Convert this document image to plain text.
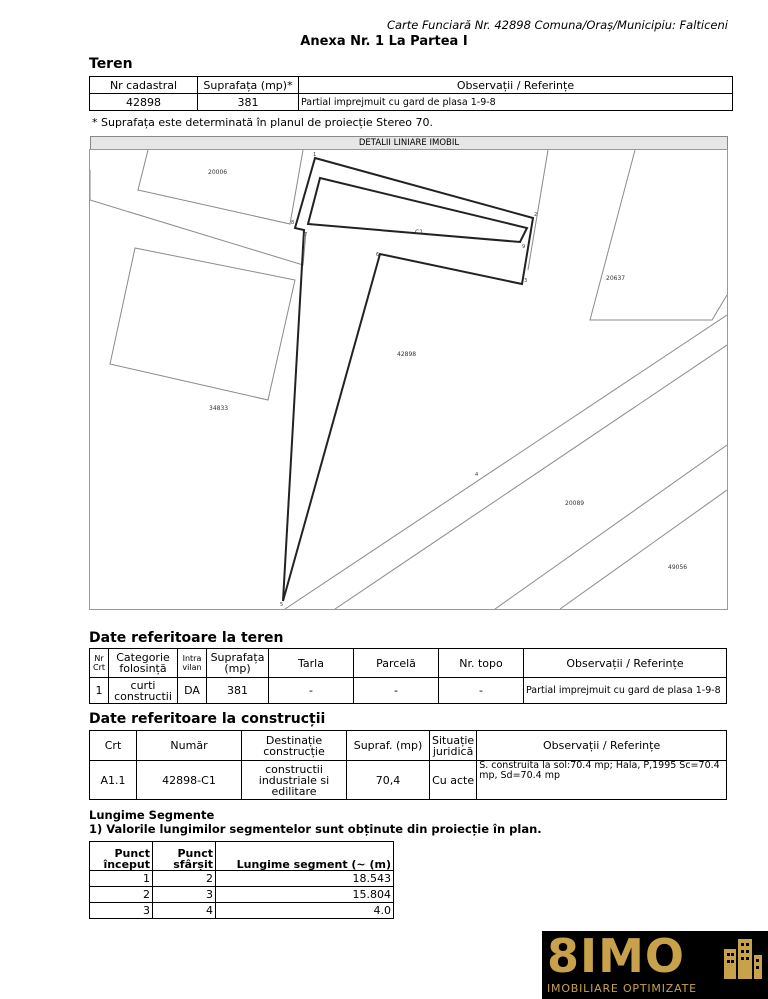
Carte Funciară Nr. 42898 Comuna/Oraș/Municipiu: Falticeni
Anexa Nr. 1 La Partea I
Teren
Nr cadastral	Suprafața (mp)*	Observații / Referințe
42898	381	Partial imprejmuit cu gard de plasa 1-9-8
* Suprafața este determinată în planul de proiecție Stereo 70.
DETALII LINIARE IMOBIL
20006
C1
20637
42898
34833
20089
49056
1
2
3
4
5
6
7
8
9
Date referitoare la teren
Nr Crt	Categorie folosință	Intra vilan	Suprafața (mp)	Tarla	Parcelă	Nr. topo	Observații / Referințe
1	curti constructii	DA	381	-	-	-	Partial imprejmuit cu gard de plasa 1-9-8
Date referitoare la construcții
Crt	Număr	Destinație construcție	Supraf. (mp)	Situație juridică	Observații / Referințe
A1.1	42898-C1	constructii industriale si edilitare	70,4	Cu acte	S. construita la sol:70.4 mp; Hala, P,1995 Sc=70.4 mp, Sd=70.4 mp
Lungime Segmente
1) Valorile lungimilor segmentelor sunt obținute din proiecție în plan.
Punct început	Punct sfârșit	Lungime segment (~ (m)
1	2	18.543
2	3	15.804
3	4	4.0
8IMO
IMOBILIARE OPTIMIZATE
